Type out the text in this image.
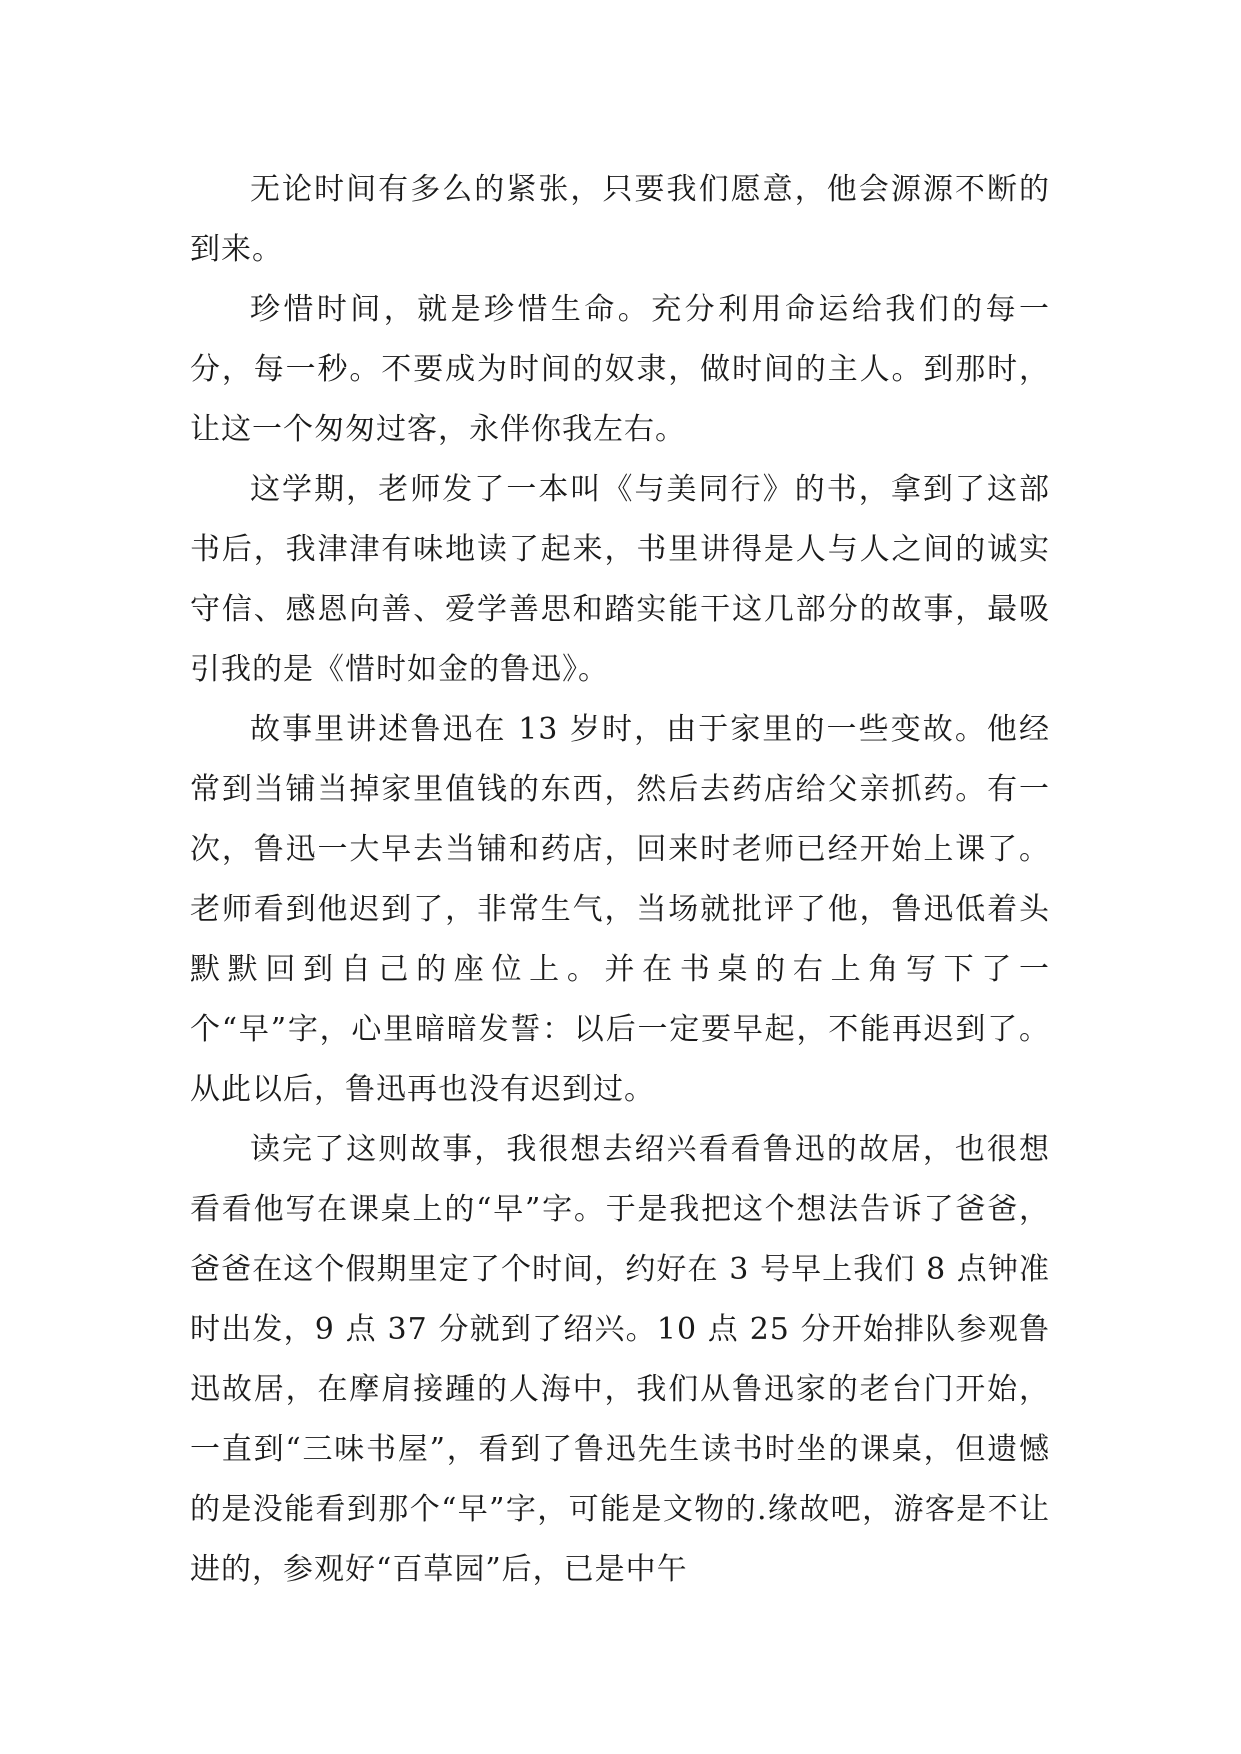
无论时间有多么的紧张，只要我们愿意，他会源源不断的到来。

珍惜时间，就是珍惜生命。充分利用命运给我们的每一分，每一秒。不要成为时间的奴隶，做时间的主人。到那时，让这一个匆匆过客，永伴你我左右。

这学期，老师发了一本叫《与美同行》的书，拿到了这部书后，我津津有味地读了起来，书里讲得是人与人之间的诚实守信、感恩向善、爱学善思和踏实能干这几部分的故事，最吸引我的是《惜时如金的鲁迅》。

故事里讲述鲁迅在 13 岁时，由于家里的一些变故。他经常到当铺当掉家里值钱的东西，然后去药店给父亲抓药。有一次，鲁迅一大早去当铺和药店，回来时老师已经开始上课了。老师看到他迟到了，非常生气，当场就批评了他，鲁迅低着头默默回到自己的座位上。并在书桌的右上角写下了一个“早”字，心里暗暗发誓：以后一定要早起，不能再迟到了。从此以后，鲁迅再也没有迟到过。

读完了这则故事，我很想去绍兴看看鲁迅的故居，也很想看看他写在课桌上的“早”字。于是我把这个想法告诉了爸爸，爸爸在这个假期里定了个时间，约好在 3 号早上我们 8 点钟准时出发，9 点 37 分就到了绍兴。10 点 25 分开始排队参观鲁迅故居，在摩肩接踵的人海中，我们从鲁迅家的老台门开始，一直到“三味书屋”，看到了鲁迅先生读书时坐的课桌，但遗憾的是没能看到那个“早”字，可能是文物的.缘故吧，游客是不让进的，参观好“百草园”后，已是中午
